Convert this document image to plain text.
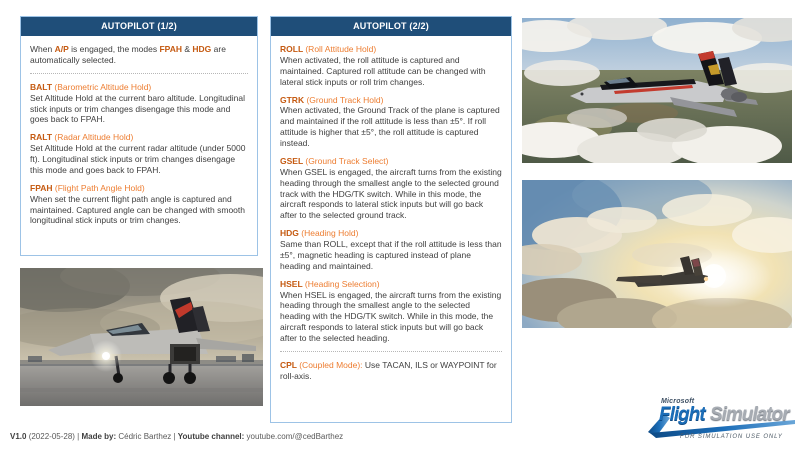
AUTOPILOT (1/2)

When A/P is engaged, the modes FPAH & HDG are automatically selected.

BALT (Barometric Altitude Hold)
Set Altitude Hold at the current baro altitude. Longitudinal stick inputs or trim changes disengage this mode and goes back to FPAH.
RALT (Radar Altitude Hold)
Set Altitude Hold at the current radar altitude (under 5000 ft). Longitudinal stick inputs or trim changes disengage this mode and goes back to FPAH.
FPAH (Flight Path Angle Hold)
When set the current flight path angle is captured and maintained. Captured angle can be changed with smooth longitudinal stick inputs or trim changes.
AUTOPILOT (2/2)
ROLL (Roll Attitude Hold)
When activated, the roll attitude is captured and maintained. Captured roll attitude can be changed with lateral stick inputs or roll trim changes.
GTRK (Ground Track Hold)
When activated, the Ground Track of the plane is captured and maintained if the roll attitude is less than ±5°. If roll attitude is higher that ±5°, the roll attitude is captured instead.
GSEL (Ground Track Select)
When GSEL is engaged, the aircraft turns from the existing heading through the smallest angle to the selected ground track with the HDG/TK switch. While in this mode, the aircraft responds to lateral stick inputs but will go back after to the selected ground track.
HDG (Heading Hold)
Same than ROLL, except that if the roll attitude is less than ±5°, magnetic heading is captured instead of plane heading and maintained.
HSEL (Heading Selection)
When HSEL is engaged, the aircraft turns from the existing heading through the smallest angle to the selected heading with the HDG/TK switch. While in this mode, the aircraft responds to lateral stick inputs but will go back after to the selected heading.

CPL (Coupled Mode): Use TACAN, ILS or WAYPOINT for roll-axis.

Microsoft
Flight Simulator
FOR SIMULATION USE ONLY
V1.0 (2022-05-28) | Made by: Cédric Barthez | Youtube channel: youtube.com/@cedBarthez
